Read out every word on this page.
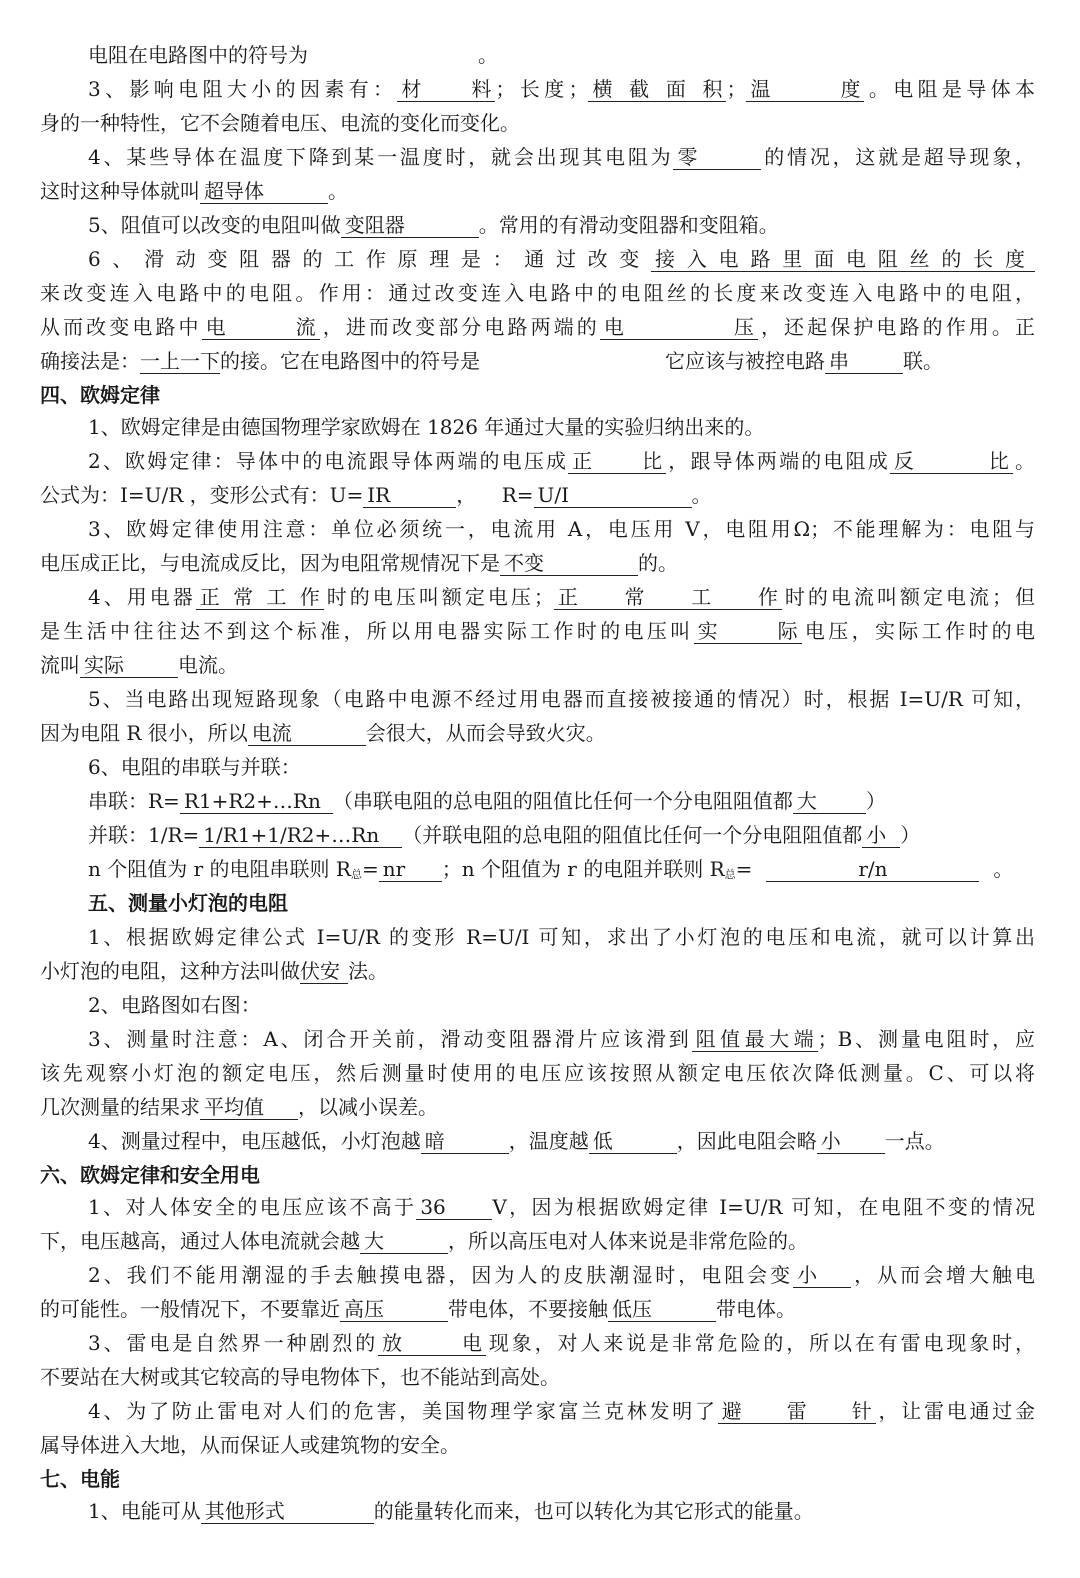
电阻在电路图中的符号为	。
3、影响电阻大小的因素有： 材料 ；长度； 横截面积 ； 温度 。电阻是导体本
身的一种特性，它不会随着电压、电流的变化而变化。
4、某些导体在温度下降到某一温度时，就会出现其电阻为 零	的情况，这就是超导现象，
这时这种导体就叫 超导体	。
5、阻值可以改变的电阻叫做 变阻器	。常用的有滑动变阻器和变阻箱。
6、滑动变阻器的工作原理是：通过改变 接入电路里面电阻丝的长度
来改变连入电路中的电阻。作用：通过改变连入电路中的电阻丝的长度来改变连入电路中的电阻，
从而改变电路中 电流 ，进而改变部分电路两端的 电压 ，还起保护电路的作用。正
确接法是：一上一下的接。它在电路图中的符号是	它应该与被控电路 串	联。
四、欧姆定律
1、欧姆定律是由德国物理学家欧姆在 1826 年通过大量的实验归纳出来的。
2、欧姆定律：导体中的电流跟导体两端的电压成 正比 ，跟导体两端的电阻成 反比 。
公式为：I=U/R ，变形公式有：U= IR	，    R= U/I	。
3、欧姆定律使用注意：单位必须统一，电流用 A，电压用 V，电阻用Ω；不能理解为：电阻与
电压成正比，与电流成反比，因为电阻常规情况下是 不变	的。
4、用电器 正常工作 时的电压叫额定电压； 正常工作 时的电流叫额定电流；但
是生活中往往达不到这个标准，所以用电器实际工作时的电压叫 实际 电压，实际工作时的电
流叫 实际	电流。
5、当电路出现短路现象（电路中电源不经过用电器而直接被接通的情况）时，根据 I=U/R 可知，
因为电阻 R 很小，所以 电流	会很大，从而会导致火灾。
6、电阻的串联与并联：
串联：R= R1+R2+…Rn （串联电阻的总电阻的阻值比任何一个分电阻阻值都 大 ）
并联：1/R= 1/R1+1/R2+…Rn （并联电阻的总电阻的阻值比任何一个分电阻阻值都 小 ）
n 个阻值为 r 的电阻串联则 R总= nr ；n 个阻值为 r 的电阻并联则 R总=	r/n	。
五、测量小灯泡的电阻
1、根据欧姆定律公式 I=U/R 的变形 R=U/I 可知，求出了小灯泡的电压和电流，就可以计算出
小灯泡的电阻，这种方法叫做伏安 法。
2、电路图如右图：
3、测量时注意：A、闭合开关前，滑动变阻器滑片应该滑到 阻值最大端 ；B、测量电阻时，应
该先观察小灯泡的额定电压，然后测量时使用的电压应该按照从额定电压依次降低测量。C、可以将
几次测量的结果求 平均值 ，以减小误差。
4、测量过程中，电压越低，小灯泡越 暗	，温度越 低	，因此电阻会略 小 一点。
六、欧姆定律和安全用电
1、对人体安全的电压应该不高于 36 V，因为根据欧姆定律 I=U/R 可知，在电阻不变的情况
下，电压越高，通过人体电流就会越 大	，所以高压电对人体来说是非常危险的。
2、我们不能用潮湿的手去触摸电器，因为人的皮肤潮湿时，电阻会变 小 ，从而会增大触电
的可能性。一般情况下，不要靠近 高压	带电体，不要接触 低压	带电体。
3、雷电是自然界一种剧烈的 放电 现象，对人来说是非常危险的，所以在有雷电现象时，
不要站在大树或其它较高的导电物体下，也不能站到高处。
4、为了防止雷电对人们的危害，美国物理学家富兰克林发明了 避雷针 ，让雷电通过金
属导体进入大地，从而保证人或建筑物的安全。
七、电能
1、电能可从 其他形式	的能量转化而来，也可以转化为其它形式的能量。
